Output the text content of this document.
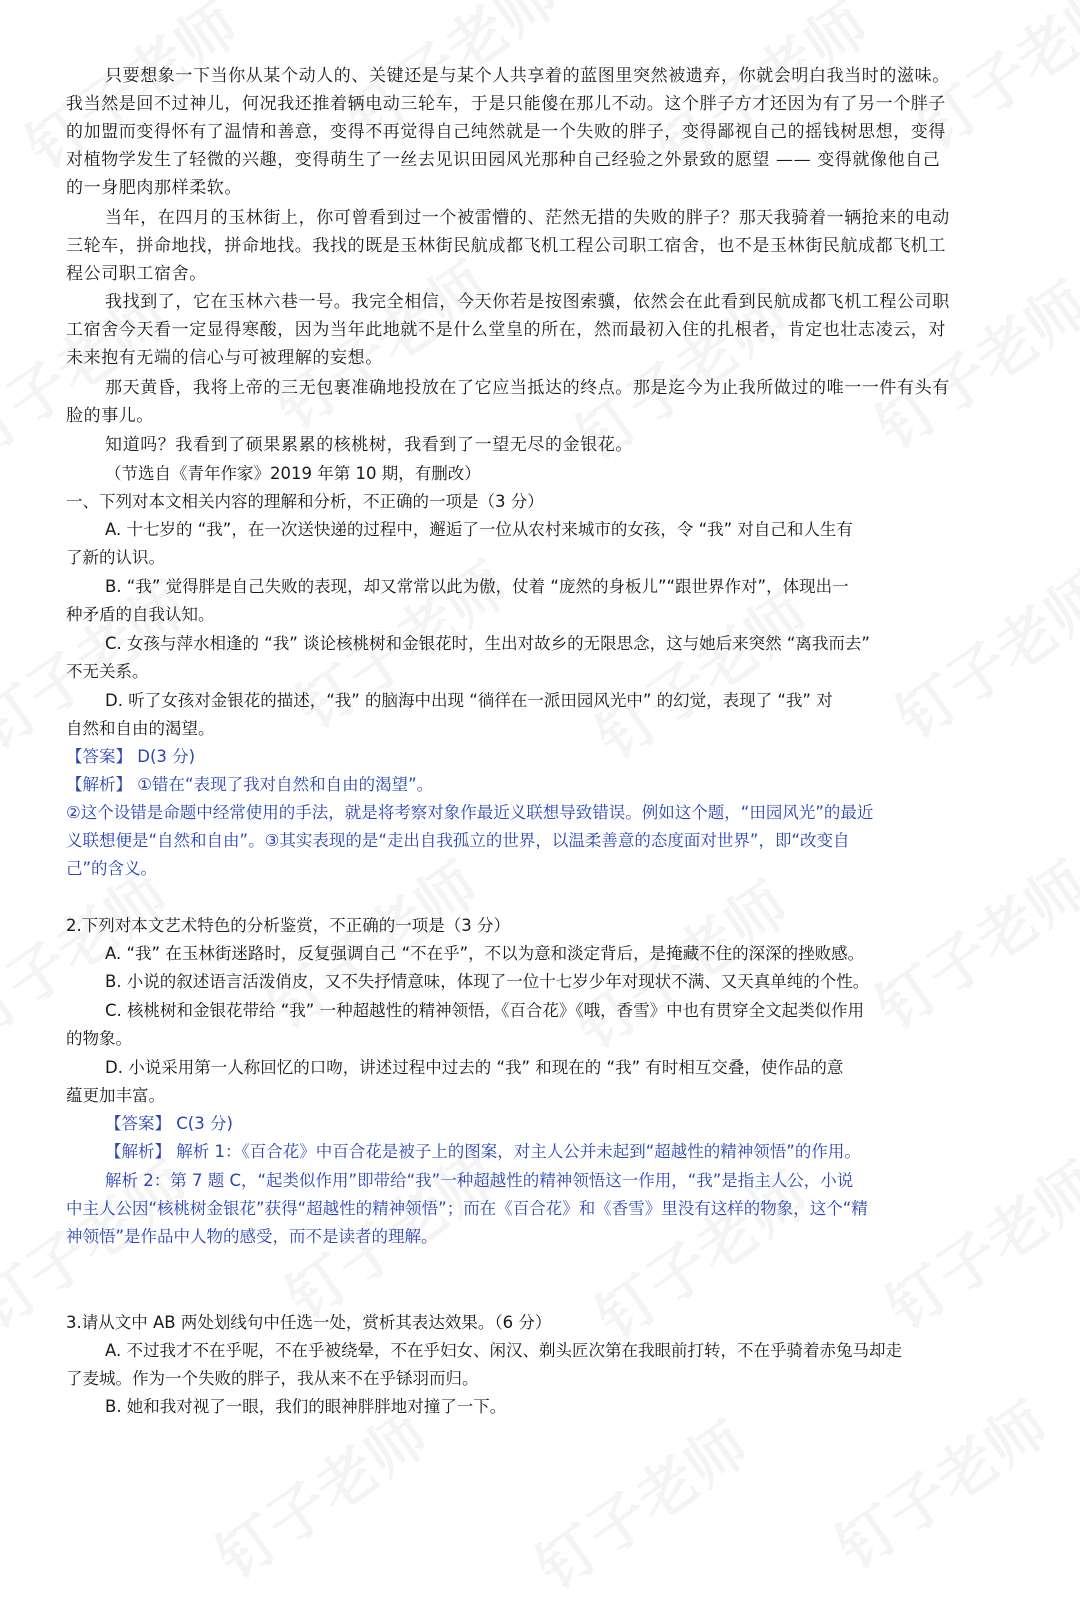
只要想象一下当你从某个动人的、关键还是与某个人共享着的蓝图里突然被遗弃，你就会明白我当时的滋味。
我当然是回不过神儿，何况我还推着辆电动三轮车，于是只能傻在那儿不动。这个胖子方才还因为有了另一个胖子
的加盟而变得怀有了温情和善意，变得不再觉得自己纯然就是一个失败的胖子，变得鄙视自己的摇钱树思想，变得
对植物学发生了轻微的兴趣，变得萌生了一丝去见识田园风光那种自己经验之外景致的愿望 —— 变得就像他自己
的一身肥肉那样柔软。
当年，在四月的玉林街上，你可曾看到过一个被雷懵的、茫然无措的失败的胖子？那天我骑着一辆抢来的电动
三轮车，拼命地找，拼命地找。我找的既是玉林街民航成都飞机工程公司职工宿舍，也不是玉林街民航成都飞机工
程公司职工宿舍。
我找到了，它在玉林六巷一号。我完全相信，今天你若是按图索骥，依然会在此看到民航成都飞机工程公司职
工宿舍今天看一定显得寒酸，因为当年此地就不是什么堂皇的所在，然而最初入住的扎根者，肯定也壮志凌云，对
未来抱有无端的信心与可被理解的妄想。
那天黄昏，我将上帝的三无包裹准确地投放在了它应当抵达的终点。那是迄今为止我所做过的唯一一件有头有
脸的事儿。
知道吗？我看到了硕果累累的核桃树，我看到了一望无尽的金银花。
（节选自《青年作家》2019 年第 10 期，有删改）
一、下列对本文相关内容的理解和分析，不正确的一项是（3 分）
A. 十七岁的 “我”，在一次送快递的过程中，邂逅了一位从农村来城市的女孩，令 “我” 对自己和人生有
了新的认识。
B. “我” 觉得胖是自己失败的表现，却又常常以此为傲，仗着 “庞然的身板儿”“跟世界作对”，体现出一
种矛盾的自我认知。
C. 女孩与萍水相逢的 “我” 谈论核桃树和金银花时，生出对故乡的无限思念，这与她后来突然 “离我而去”
不无关系。
D. 听了女孩对金银花的描述，“我” 的脑海中出现 “徜徉在一派田园风光中” 的幻觉，表现了 “我” 对
自然和自由的渴望。
【答案】 D(3 分)
【解析】 ①错在“表现了我对自然和自由的渴望”。
②这个设错是命题中经常使用的手法，就是将考察对象作最近义联想导致错误。例如这个题，“田园风光”的最近
义联想便是“自然和自由”。③其实表现的是“走出自我孤立的世界，以温柔善意的态度面对世界”，即“改变自
己”的含义。
2.下列对本文艺术特色的分析鉴赏，不正确的一项是（3 分）
A. “我” 在玉林街迷路时，反复强调自己 “不在乎”，不以为意和淡定背后，是掩藏不住的深深的挫败感。
B. 小说的叙述语言活泼俏皮，又不失抒情意味，体现了一位十七岁少年对现状不满、又天真单纯的个性。
C. 核桃树和金银花带给 “我” 一种超越性的精神领悟，《百合花》《哦，香雪》中也有贯穿全文起类似作用
的物象。
D. 小说采用第一人称回忆的口吻，讲述过程中过去的 “我” 和现在的 “我” 有时相互交叠，使作品的意
蕴更加丰富。
【答案】 C(3 分)
【解析】 解析 1：《百合花》中百合花是被子上的图案，对主人公并未起到“超越性的精神领悟”的作用。
解析 2：第 7 题 C，“起类似作用”即带给“我”一种超越性的精神领悟这一作用，“我”是指主人公，小说
中主人公因“核桃树金银花”获得“超越性的精神领悟”；而在《百合花》和《香雪》里没有这样的物象，这个“精
神领悟”是作品中人物的感受，而不是读者的理解。
3.请从文中 AB 两处划线句中任选一处，赏析其表达效果。（6 分）
A. 不过我才不在乎呢，不在乎被绕晕，不在乎妇女、闲汉、剃头匠次第在我眼前打转，不在乎骑着赤兔马却走
了麦城。作为一个失败的胖子，我从来不在乎铩羽而归。
B. 她和我对视了一眼，我们的眼神胖胖地对撞了一下。
